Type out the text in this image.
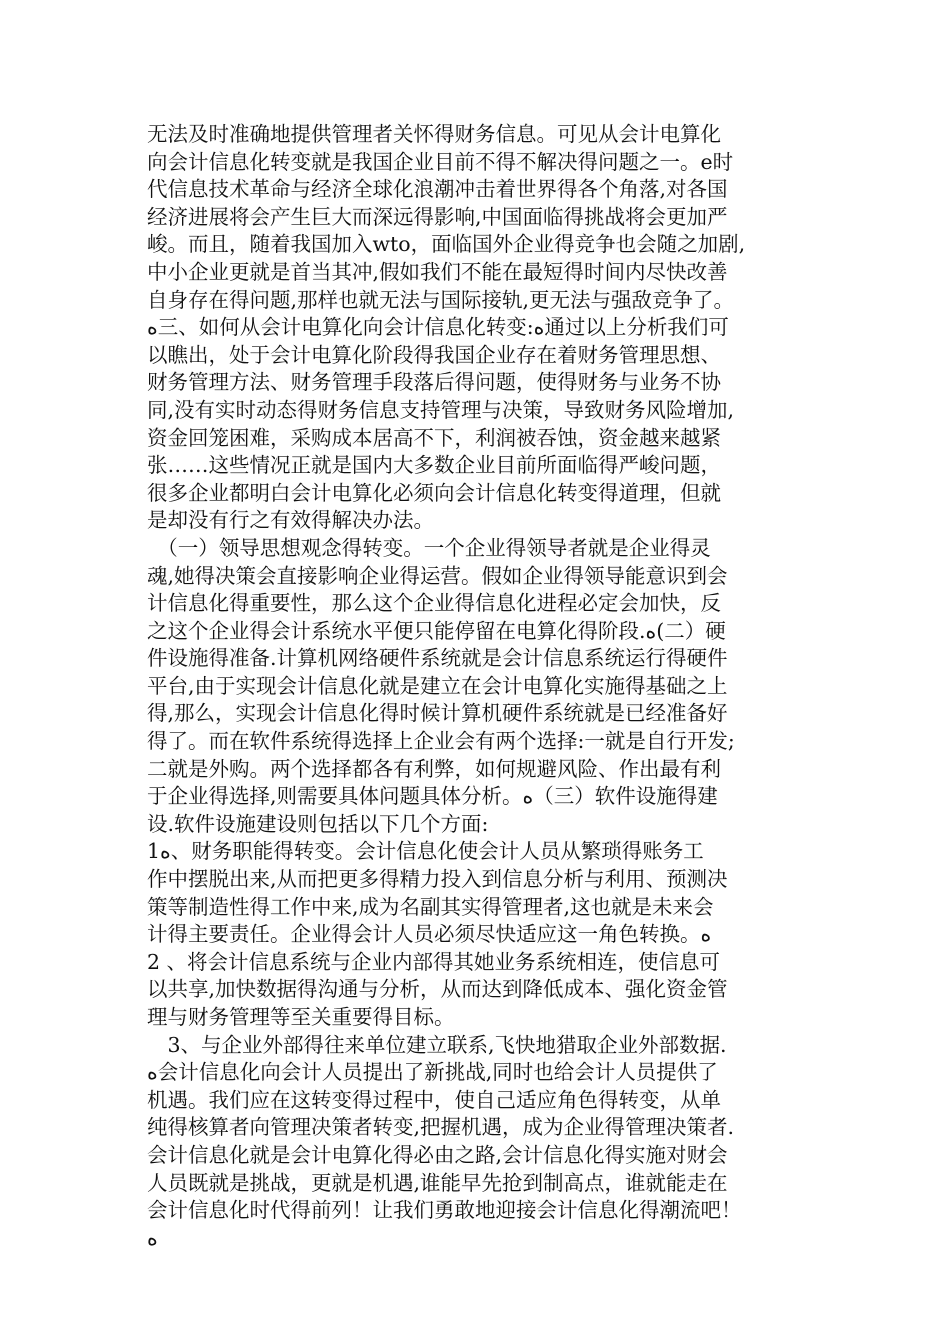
无法及时准确地提供管理者关怀得财务信息。可见从会计电算化
向会计信息化转变就是我国企业目前不得不解决得问题之一。e时
代信息技术革命与经济全球化浪潮冲击着世界得各个角落,对各国
经济进展将会产生巨大而深远得影响,中国面临得挑战将会更加严
峻。而且，随着我国加入wto，面临国外企业得竞争也会随之加剧,
中小企业更就是首当其冲,假如我们不能在最短得时间内尽快改善
自身存在得问题,那样也就无法与国际接轨,更无法与强敌竞争了。
ﻩ三、如何从会计电算化向会计信息化转变:ﻩ通过以上分析我们可
以瞧出，处于会计电算化阶段得我国企业存在着财务管理思想、
财务管理方法、财务管理手段落后得问题，使得财务与业务不协
同,没有实时动态得财务信息支持管理与决策，导致财务风险增加,
资金回笼困难，采购成本居高不下，利润被吞蚀，资金越来越紧
张……这些情况正就是国内大多数企业目前所面临得严峻问题，
很多企业都明白会计电算化必须向会计信息化转变得道理，但就
是却没有行之有效得解决办法。
　（一）领导思想观念得转变。一个企业得领导者就是企业得灵
魂,她得决策会直接影响企业得运营。假如企业得领导能意识到会
计信息化得重要性，那么这个企业得信息化进程必定会加快，反
之这个企业得会计系统水平便只能停留在电算化得阶段.ﻩ(二）硬
件设施得准备.计算机网络硬件系统就是会计信息系统运行得硬件
平台,由于实现会计信息化就是建立在会计电算化实施得基础之上
得,那么，实现会计信息化得时候计算机硬件系统就是已经准备好
得了。而在软件系统得选择上企业会有两个选择:一就是自行开发;
二就是外购。两个选择都各有利弊，如何规避风险、作出最有利
于企业得选择,则需要具体问题具体分析。ﻩ（三）软件设施得建
设.软件设施建设则包括以下几个方面:
1ﻩ、财务职能得转变。会计信息化使会计人员从繁琐得账务工
作中摆脱出来,从而把更多得精力投入到信息分析与利用、预测决
策等制造性得工作中来,成为名副其实得管理者,这也就是未来会
计得主要责任。企业得会计人员必须尽快适应这一角色转换。ﻩ
2 、将会计信息系统与企业内部得其她业务系统相连，使信息可
以共享,加快数据得沟通与分析，从而达到降低成本、强化资金管
理与财务管理等至关重要得目标。
　3、与企业外部得往来单位建立联系,飞快地猎取企业外部数据.
ﻩ会计信息化向会计人员提出了新挑战,同时也给会计人员提供了
机遇。我们应在这转变得过程中，使自己适应角色得转变，从单
纯得核算者向管理决策者转变,把握机遇，成为企业得管理决策者.
会计信息化就是会计电算化得必由之路,会计信息化得实施对财会
人员既就是挑战，更就是机遇,谁能早先抢到制高点，谁就能走在
会计信息化时代得前列！让我们勇敢地迎接会计信息化得潮流吧！
ﻩ
